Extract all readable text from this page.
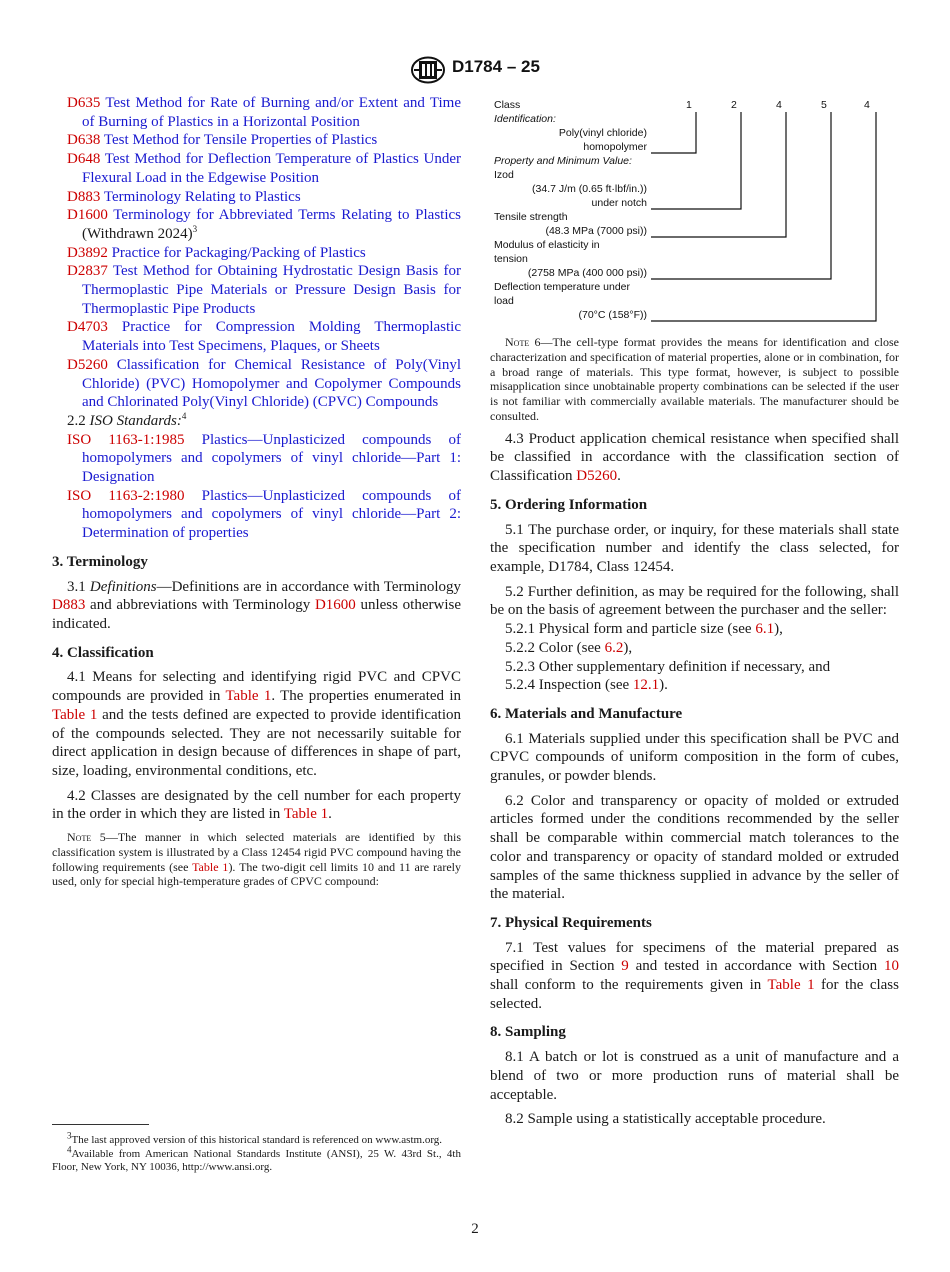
D1784 – 25

D635 Test Method for Rate of Burning and/or Extent and Time of Burning of Plastics in a Horizontal Position

D638 Test Method for Tensile Properties of Plastics

D648 Test Method for Deflection Temperature of Plastics Under Flexural Load in the Edgewise Position

D883 Terminology Relating to Plastics

D1600 Terminology for Abbreviated Terms Relating to Plastics (Withdrawn 2024)$^3$

D3892 Practice for Packaging/Packing of Plastics

D2837 Test Method for Obtaining Hydrostatic Design Basis for Thermoplastic Pipe Materials or Pressure Design Basis for Thermoplastic Pipe Products

D4703 Practice for Compression Molding Thermoplastic Materials into Test Specimens, Plaques, or Sheets

D5260 Classification for Chemical Resistance of Poly(Vinyl Chloride) (PVC) Homopolymer and Copolymer Compounds and Chlorinated Poly(Vinyl Chloride) (CPVC) Compounds

2.2 ISO Standards:$^4$

ISO 1163-1:1985 Plastics—Unplasticized compounds of homopolymers and copolymers of vinyl chloride—Part 1: Designation

ISO 1163-2:1980 Plastics—Unplasticized compounds of homopolymers and copolymers of vinyl chloride—Part 2: Determination of properties

3. Terminology

3.1 Definitions—Definitions are in accordance with Terminology D883 and abbreviations with Terminology D1600 unless otherwise indicated.

4. Classification

4.1 Means for selecting and identifying rigid PVC and CPVC compounds are provided in Table 1. The properties enumerated in Table 1 and the tests defined are expected to provide identification of the compounds selected. They are not necessarily suitable for direct application in design because of differences in shape of part, size, loading, environmental conditions, etc.

4.2 Classes are designated by the cell number for each property in the order in which they are listed in Table 1.

Note 5—The manner in which selected materials are identified by this classification system is illustrated by a Class 12454 rigid PVC compound having the following requirements (see Table 1). The two-digit cell limits 10 and 11 are rarely used, only for special high-temperature grades of CPVC compound:

$^3$The last approved version of this historical standard is referenced on www.astm.org.

$^4$Available from American National Standards Institute (ANSI), 25 W. 43rd St., 4th Floor, New York, NY 10036, http://www.ansi.org.

Class	1	2	4	5	4
Identification:
Poly(vinyl chloride)
homopolymer
Property and Minimum Value:
Izod
(34.7 J/m (0.65 ft·lbf/in.))
under notch
Tensile strength
(48.3 MPa (7000 psi))
Modulus of elasticity in
tension
(2758 MPa (400 000 psi))
Deflection temperature under
load
(70°C (158°F))

Note 6—The cell-type format provides the means for identification and close characterization and specification of material properties, alone or in combination, for a broad range of materials. This type format, however, is subject to possible misapplication since unobtainable property combinations can be selected if the user is not familiar with commercially available materials. The manufacturer should be consulted.

4.3 Product application chemical resistance when specified shall be classified in accordance with the classification section of Classification D5260.

5. Ordering Information

5.1 The purchase order, or inquiry, for these materials shall state the specification number and identify the class selected, for example, D1784, Class 12454.

5.2 Further definition, as may be required for the following, shall be on the basis of agreement between the purchaser and the seller:

5.2.1 Physical form and particle size (see 6.1),

5.2.2 Color (see 6.2),

5.2.3 Other supplementary definition if necessary, and

5.2.4 Inspection (see 12.1).

6. Materials and Manufacture

6.1 Materials supplied under this specification shall be PVC and CPVC compounds of uniform composition in the form of cubes, granules, or powder blends.

6.2 Color and transparency or opacity of molded or extruded articles formed under the conditions recommended by the seller shall be comparable within commercial match tolerances to the color and transparency or opacity of standard molded or extruded samples of the same thickness supplied in advance by the seller of the material.

7. Physical Requirements

7.1 Test values for specimens of the material prepared as specified in Section 9 and tested in accordance with Section 10 shall conform to the requirements given in Table 1 for the class selected.

8. Sampling

8.1 A batch or lot is construed as a unit of manufacture and a blend of two or more production runs of material shall be acceptable.

8.2 Sample using a statistically acceptable procedure.

2
